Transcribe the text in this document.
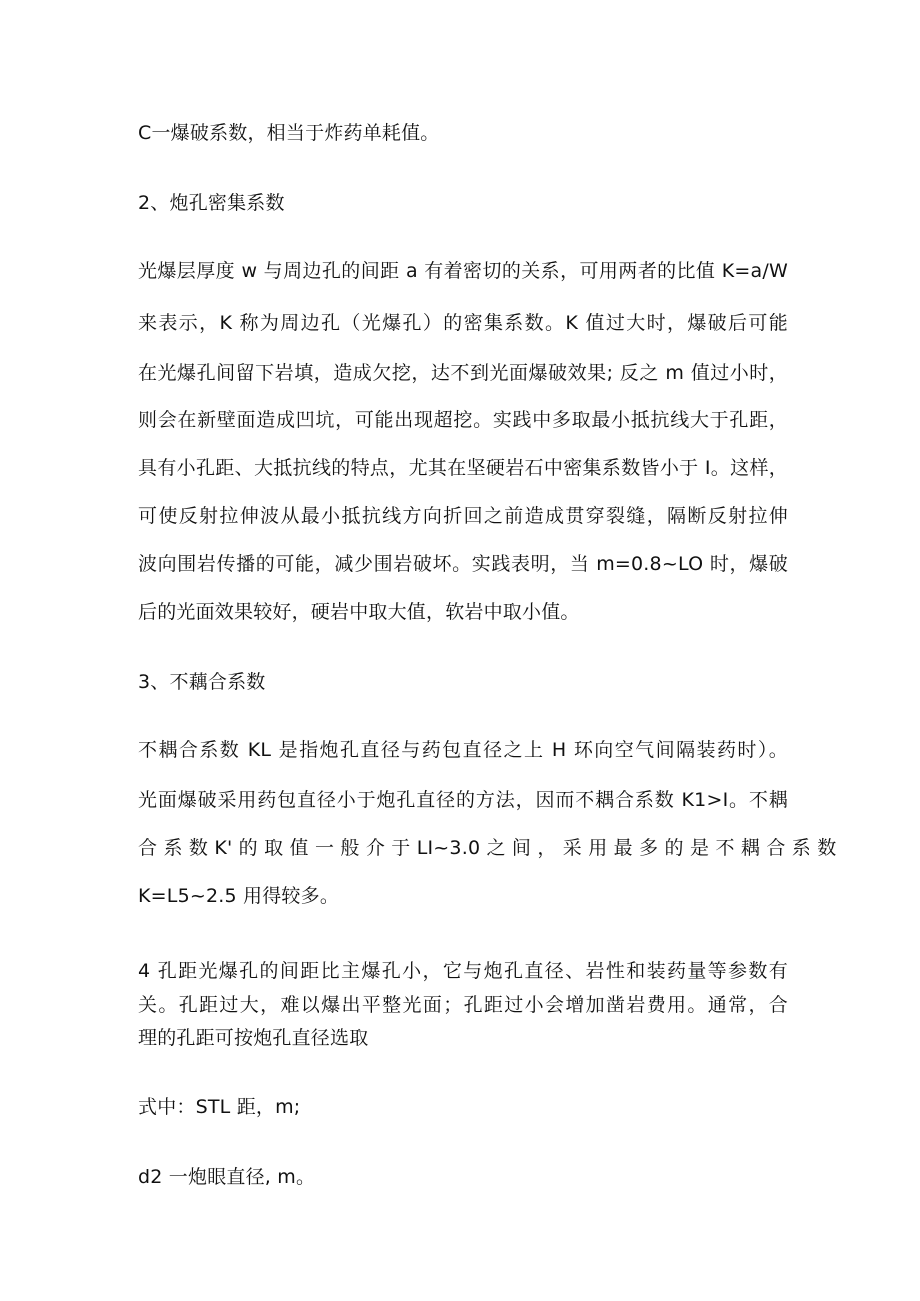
C一爆破系数，相当于炸药单耗值。
2、炮孔密集系数
光爆层厚度 w 与周边孔的间距 a 有着密切的关系，可用两者的比值 K=a/W
来表示，K 称为周边孔（光爆孔）的密集系数。K 值过大时，爆破后可能
在光爆孔间留下岩填，造成欠挖，达不到光面爆破效果; 反之 m 值过小时，
则会在新壁面造成凹坑，可能出现超挖。实践中多取最小抵抗线大于孔距，
具有小孔距、大抵抗线的特点，尤其在坚硬岩石中密集系数皆小于 I。这样，
可使反射拉伸波从最小抵抗线方向折回之前造成贯穿裂缝，隔断反射拉伸
波向围岩传播的可能，减少围岩破坏。实践表明，当 m=0.8~LO 时，爆破
后的光面效果较好，硬岩中取大值，软岩中取小值。
3、不藕合系数
不耦合系数 KL 是指炮孔直径与药包直径之上 H 环向空气间隔装药时）。
光面爆破采用药包直径小于炮孔直径的方法，因而不耦合系数 K1>I。不耦
合 系 数 K' 的 取 值 一 般 介 于 LI~3.0 之 间 ， 采 用 最 多 的 是 不 耦 合 系 数
K=L5~2.5 用得较多。
4 孔距光爆孔的间距比主爆孔小，它与炮孔直径、岩性和装药量等参数有
关。孔距过大，难以爆出平整光面；孔距过小会增加凿岩费用。通常，合
理的孔距可按炮孔直径选取
式中：STL 距，m;
d2 一炮眼直径, m。
